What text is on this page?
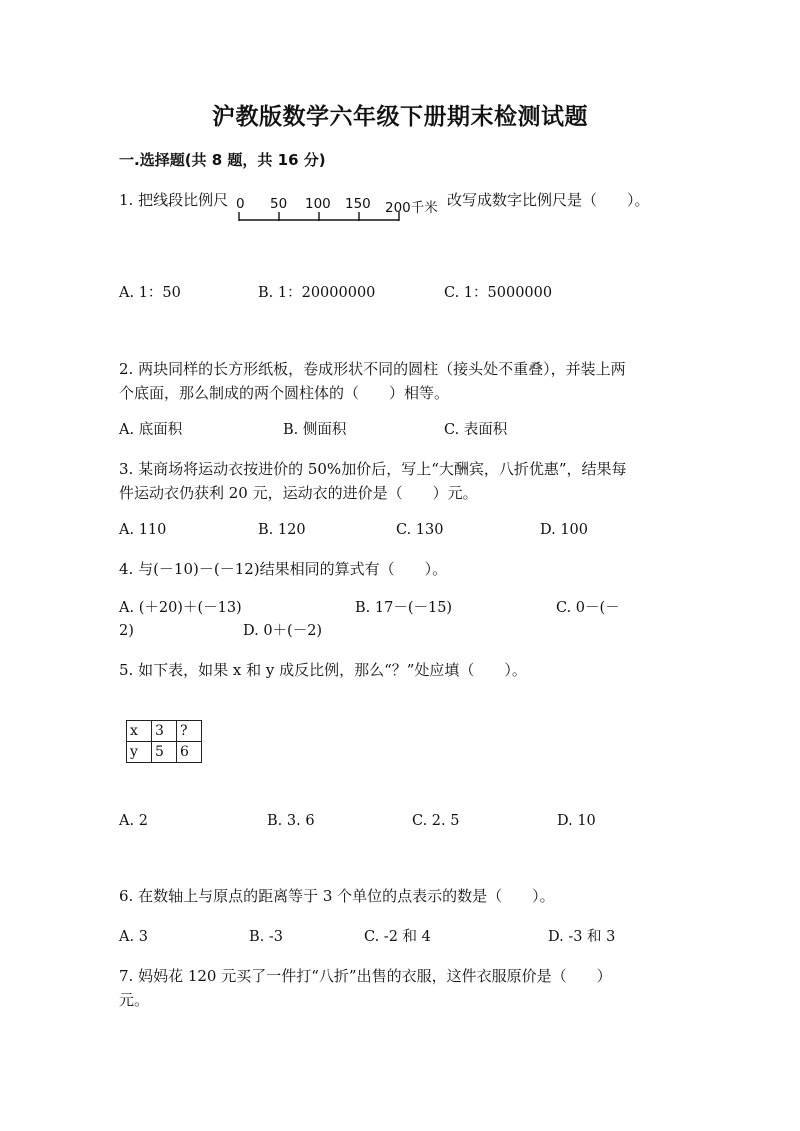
沪教版数学六年级下册期末检测试题
一.选择题(共 8 题，共 16 分)
1. 把线段比例尺 0 50 100 150 200千米 改写成数字比例尺是（　　）。
A. 1：50	B. 1：20000000	C. 1：5000000
2. 两块同样的长方形纸板，卷成形状不同的圆柱（接头处不重叠），并装上两
个底面，那么制成的两个圆柱体的（　　）相等。
A. 底面积	B. 侧面积	C. 表面积
3. 某商场将运动衣按进价的 50%加价后，写上“大酬宾，八折优惠”，结果每
件运动衣仍获利 20 元，运动衣的进价是（　　）元。
A. 110	B. 120	C. 130	D. 100
4. 与(－10)－(－12)结果相同的算式有（　　）。
A. (＋20)＋(－13)	B. 17－(－15)	C. 0－(－
2)	D. 0＋(－2)
5. 如下表，如果 x 和 y 成反比例，那么“？”处应填（　　）。
x	3	?
y	5	6
A. 2	B. 3. 6	C. 2. 5	D. 10
6. 在数轴上与原点的距离等于 3 个单位的点表示的数是（　　）。
A. 3	B. -3	C. -2 和 4	D. -3 和 3
7. 妈妈花 120 元买了一件打“八折”出售的衣服，这件衣服原价是（　　）
元。
